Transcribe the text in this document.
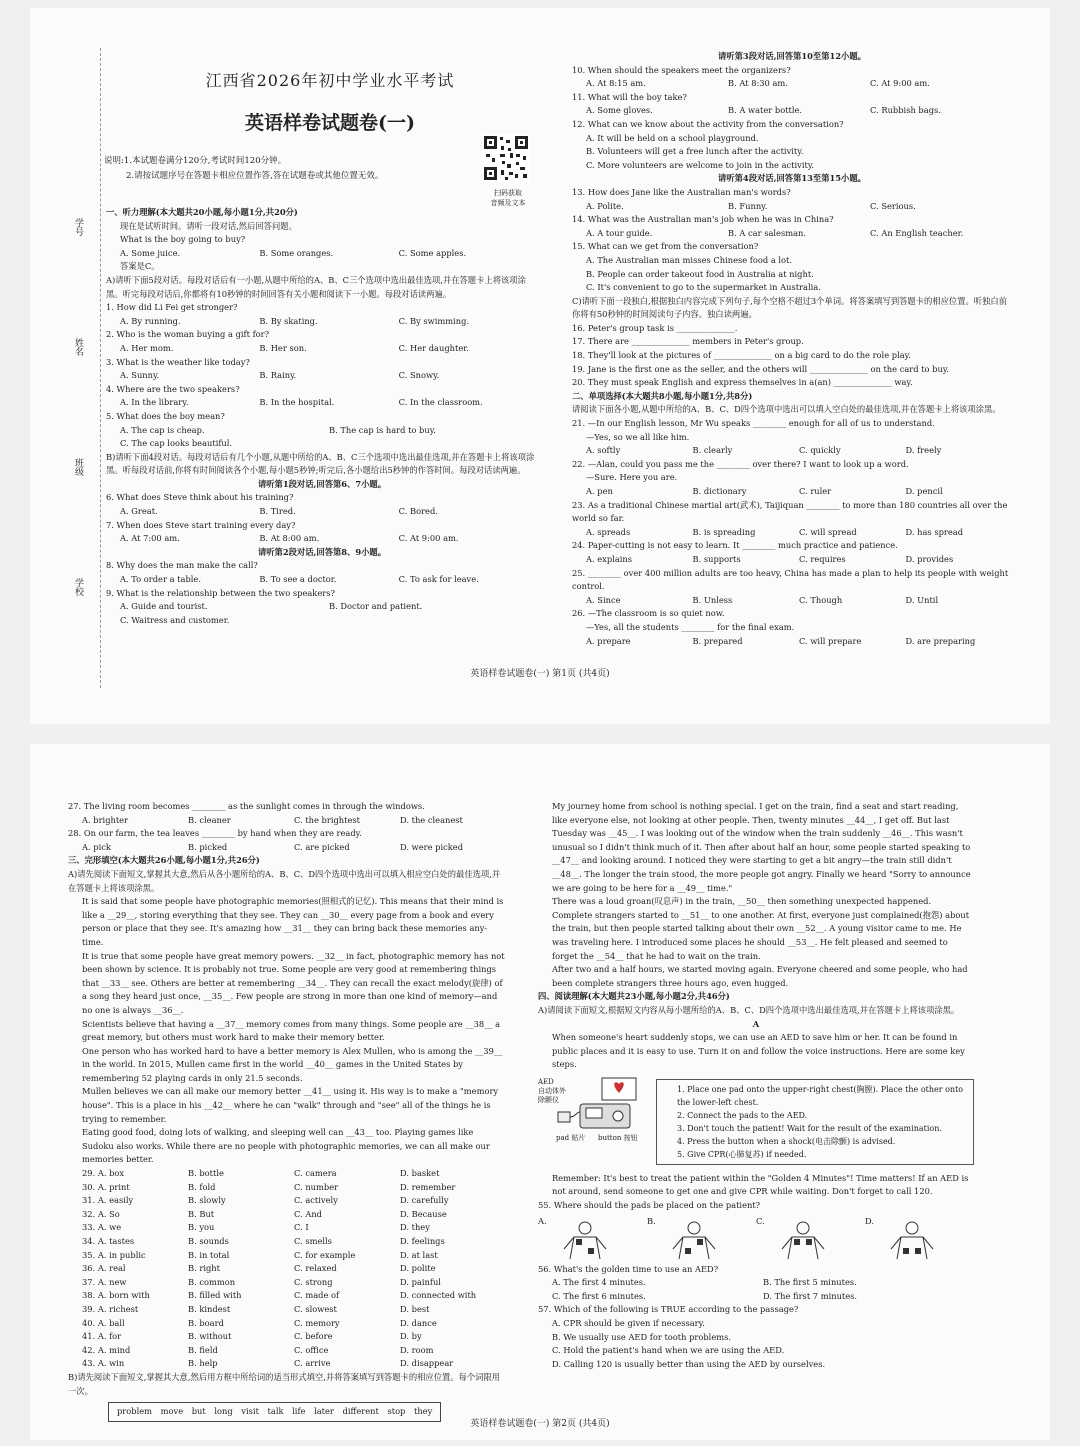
学号
姓名
班级
学校
江西省2026年初中学业水平考试
英语样卷试题卷(一)
说明:1.本试题卷满分120分,考试时间120分钟。
2.请按试题序号在答题卡相应位置作答,答在试题卷或其他位置无效。
扫码获取
音频及文本
一、听力理解(本大题共20小题,每小题1分,共20分)
现在是试听时间。请听一段对话,然后回答问题。
What is the boy going to buy?
A. Some juice.	B. Some oranges.	C. Some apples.
答案是C。
A)请听下面5段对话。每段对话后有一小题,从题中所给的A、B、C三个选项中选出最佳选项,并在答题卡上将该项涂黑。听完每段对话后,你都将有10秒钟的时间回答有关小题和阅读下一小题。每段对话读两遍。
1. How did Li Fei get stronger?
A. By running.	B. By skating.	C. By swimming.
2. Who is the woman buying a gift for?
A. Her mom.	B. Her son.	C. Her daughter.
3. What is the weather like today?
A. Sunny.	B. Rainy.	C. Snowy.
4. Where are the two speakers?
A. In the library.	B. In the hospital.	C. In the classroom.
5. What does the boy mean?
A. The cap is cheap.	B. The cap is hard to buy.
C. The cap looks beautiful.
B)请听下面4段对话。每段对话后有几个小题,从题中所给的A、B、C三个选项中选出最佳选项,并在答题卡上将该项涂黑。听每段对话前,你将有时间阅读各个小题,每小题5秒钟;听完后,各小题给出5秒钟的作答时间。每段对话读两遍。
请听第1段对话,回答第6、7小题。
6. What does Steve think about his training?
A. Great.	B. Tired.	C. Bored.
7. When does Steve start training every day?
A. At 7:00 am.	B. At 8:00 am.	C. At 9:00 am.
请听第2段对话,回答第8、9小题。
8. Why does the man make the call?
A. To order a table.	B. To see a doctor.	C. To ask for leave.
9. What is the relationship between the two speakers?
A. Guide and tourist.	B. Doctor and patient.
C. Waitress and customer.
请听第3段对话,回答第10至第12小题。
10. When should the speakers meet the organizers?
A. At 8:15 am.	B. At 8:30 am.	C. At 9:00 am.
11. What will the boy take?
A. Some gloves.	B. A water bottle.	C. Rubbish bags.
12. What can we know about the activity from the conversation?
A. It will be held on a school playground.
B. Volunteers will get a free lunch after the activity.
C. More volunteers are welcome to join in the activity.
请听第4段对话,回答第13至第15小题。
13. How does Jane like the Australian man's words?
A. Polite.	B. Funny.	C. Serious.
14. What was the Australian man's job when he was in China?
A. A tour guide.	B. A car salesman.	C. An English teacher.
15. What can we get from the conversation?
A. The Australian man misses Chinese food a lot.
B. People can order takeout food in Australia at night.
C. It's convenient to go to the supermarket in Australia.
C)请听下面一段独白,根据独白内容完成下列句子,每个空格不超过3个单词。将答案填写到答题卡的相应位置。听独白前你将有50秒钟的时间阅读句子内容。独白读两遍。
16. Peter's group task is ______________.
17. There are ______________ members in Peter's group.
18. They'll look at the pictures of ______________ on a big card to do the role play.
19. Jane is the first one as the seller, and the others will ______________ on the card to buy.
20. They must speak English and express themselves in a(an) ______________ way.
二、单项选择(本大题共8小题,每小题1分,共8分)
请阅读下面各小题,从题中所给的A、B、C、D四个选项中选出可以填入空白处的最佳选项,并在答题卡上将该项涂黑。
21. —In our English lesson, Mr Wu speaks ________ enough for all of us to understand.
—Yes, so we all like him.
A. softly	B. clearly	C. quickly	D. freely
22. —Alan, could you pass me the ________ over there? I want to look up a word.
—Sure. Here you are.
A. pen	B. dictionary	C. ruler	D. pencil
23. As a traditional Chinese martial art(武术), Taijiquan ________ to more than 180 countries all over the world so far.
A. spreads	B. is spreading	C. will spread	D. has spread
24. Paper-cutting is not easy to learn. It ________ much practice and patience.
A. explains	B. supports	C. requires	D. provides
25. ________ over 400 million adults are too heavy, China has made a plan to help its people with weight control.
A. Since	B. Unless	C. Though	D. Until
26. —The classroom is so quiet now.
—Yes, all the students ________ for the final exam.
A. prepare	B. prepared	C. will prepare	D. are preparing
英语样卷试题卷(一) 第1页 (共4页)
27. The living room becomes ________ as the sunlight comes in through the windows.
A. brighter	B. cleaner	C. the brightest	D. the cleanest
28. On our farm, the tea leaves ________ by hand when they are ready.
A. pick	B. picked	C. are picked	D. were picked
三、完形填空(本大题共26小题,每小题1分,共26分)
A)请先阅读下面短文,掌握其大意,然后从各小题所给的A、B、C、D四个选项中选出可以填入相应空白处的最佳选项,并在答题卡上将该项涂黑。
It is said that some people have photographic memories(照相式的记忆). This means that their mind is like a __29__, storing everything that they see. They can __30__ every page from a book and every person or place that they see. It's amazing how __31__ they can bring back these memories any-time.
It is true that some people have great memory powers. __32__ in fact, photographic memory has not been shown by science. It is probably not true. Some people are very good at remembering things that __33__ see. Others are better at remembering __34__. They can recall the exact melody(旋律) of a song they heard just once, __35__. Few people are strong in more than one kind of memory—and no one is always __36__.
Scientists believe that having a __37__ memory comes from many things. Some people are __38__ a great memory, but others must work hard to make their memory better.
One person who has worked hard to have a better memory is Alex Mullen, who is among the __39__ in the world. In 2015, Mullen came first in the world __40__ games in the United States by remembering 52 playing cards in only 21.5 seconds.
Mullen believes we can all make our memory better __41__ using it. His way is to make a "memory house". This is a place in his __42__ where he can "walk" through and "see" all of the things he is trying to remember.
Eating good food, doing lots of walking, and sleeping well can __43__ too. Playing games like Sudoku also works. While there are no people with photographic memories, we can all make our memories better.
29. A. box	B. bottle	C. camera	D. basket
30. A. print	B. fold	C. number	D. remember
31. A. easily	B. slowly	C. actively	D. carefully
32. A. So	B. But	C. And	D. Because
33. A. we	B. you	C. I	D. they
34. A. tastes	B. sounds	C. smells	D. feelings
35. A. in public	B. in total	C. for example	D. at last
36. A. real	B. right	C. relaxed	D. polite
37. A. new	B. common	C. strong	D. painful
38. A. born with	B. filled with	C. made of	D. connected with
39. A. richest	B. kindest	C. slowest	D. best
40. A. ball	B. board	C. memory	D. dance
41. A. for	B. without	C. before	D. by
42. A. mind	B. field	C. office	D. room
43. A. win	B. help	C. arrive	D. disappear
B)请先阅读下面短文,掌握其大意,然后用方框中所给词的适当形式填空,并将答案填写到答题卡的相应位置。每个词限用一次。
problem move but long visit talk life later different stop they
My journey home from school is nothing special. I get on the train, find a seat and start reading, like everyone else, not looking at other people. Then, twenty minutes __44__, I get off. But last Tuesday was __45__. I was looking out of the window when the train suddenly __46__. This wasn't unusual so I didn't think much of it. Then after about half an hour, some people started speaking to __47__ and looking around. I noticed they were starting to get a bit angry—the train still didn't __48__. The longer the train stood, the more people got angry. Finally we heard "Sorry to announce we are going to be here for a __49__ time."
There was a loud groan(叹息声) in the train, __50__ then something unexpected happened. Complete strangers started to __51__ to one another. At first, everyone just complained(抱怨) about the train, but then people started talking about their own __52__. A young visitor came to me. He was traveling here. I introduced some places he should __53__. He felt pleased and seemed to forget the __54__ that he had to wait on the train.
After two and a half hours, we started moving again. Everyone cheered and some people, who had been complete strangers three hours ago, even hugged.
四、阅读理解(本大题共23小题,每小题2分,共46分)
A)请阅读下面短文,根据短文内容从每小题所给的A、B、C、D四个选项中选出最佳选项,并在答题卡上将该项涂黑。
A
When someone's heart suddenly stops, we can use an AED to save him or her. It can be found in public places and it is easy to use. Turn it on and follow the voice instructions. Here are some key steps.
AED
自动体外
除颤仪
pad 贴片 button 按钮
1. Place one pad onto the upper-right chest(胸膛). Place the other onto the lower-left chest.
2. Connect the pads to the AED.
3. Don't touch the patient! Wait for the result of the examination.
4. Press the button when a shock(电击除颤) is advised.
5. Give CPR(心肺复苏) if needed.
Remember: It's best to treat the patient within the "Golden 4 Minutes"! Time matters! If an AED is not around, send someone to get one and give CPR while waiting. Don't forget to call 120.
55. Where should the pads be placed on the patient?
A.	B.	C.	D.
56. What's the golden time to use an AED?
A. The first 4 minutes.	B. The first 5 minutes.
C. The first 6 minutes.	D. The first 7 minutes.
57. Which of the following is TRUE according to the passage?
A. CPR should be given if necessary.
B. We usually use AED for tooth problems.
C. Hold the patient's hand when we are using the AED.
D. Calling 120 is usually better than using the AED by ourselves.
英语样卷试题卷(一) 第2页 (共4页)
